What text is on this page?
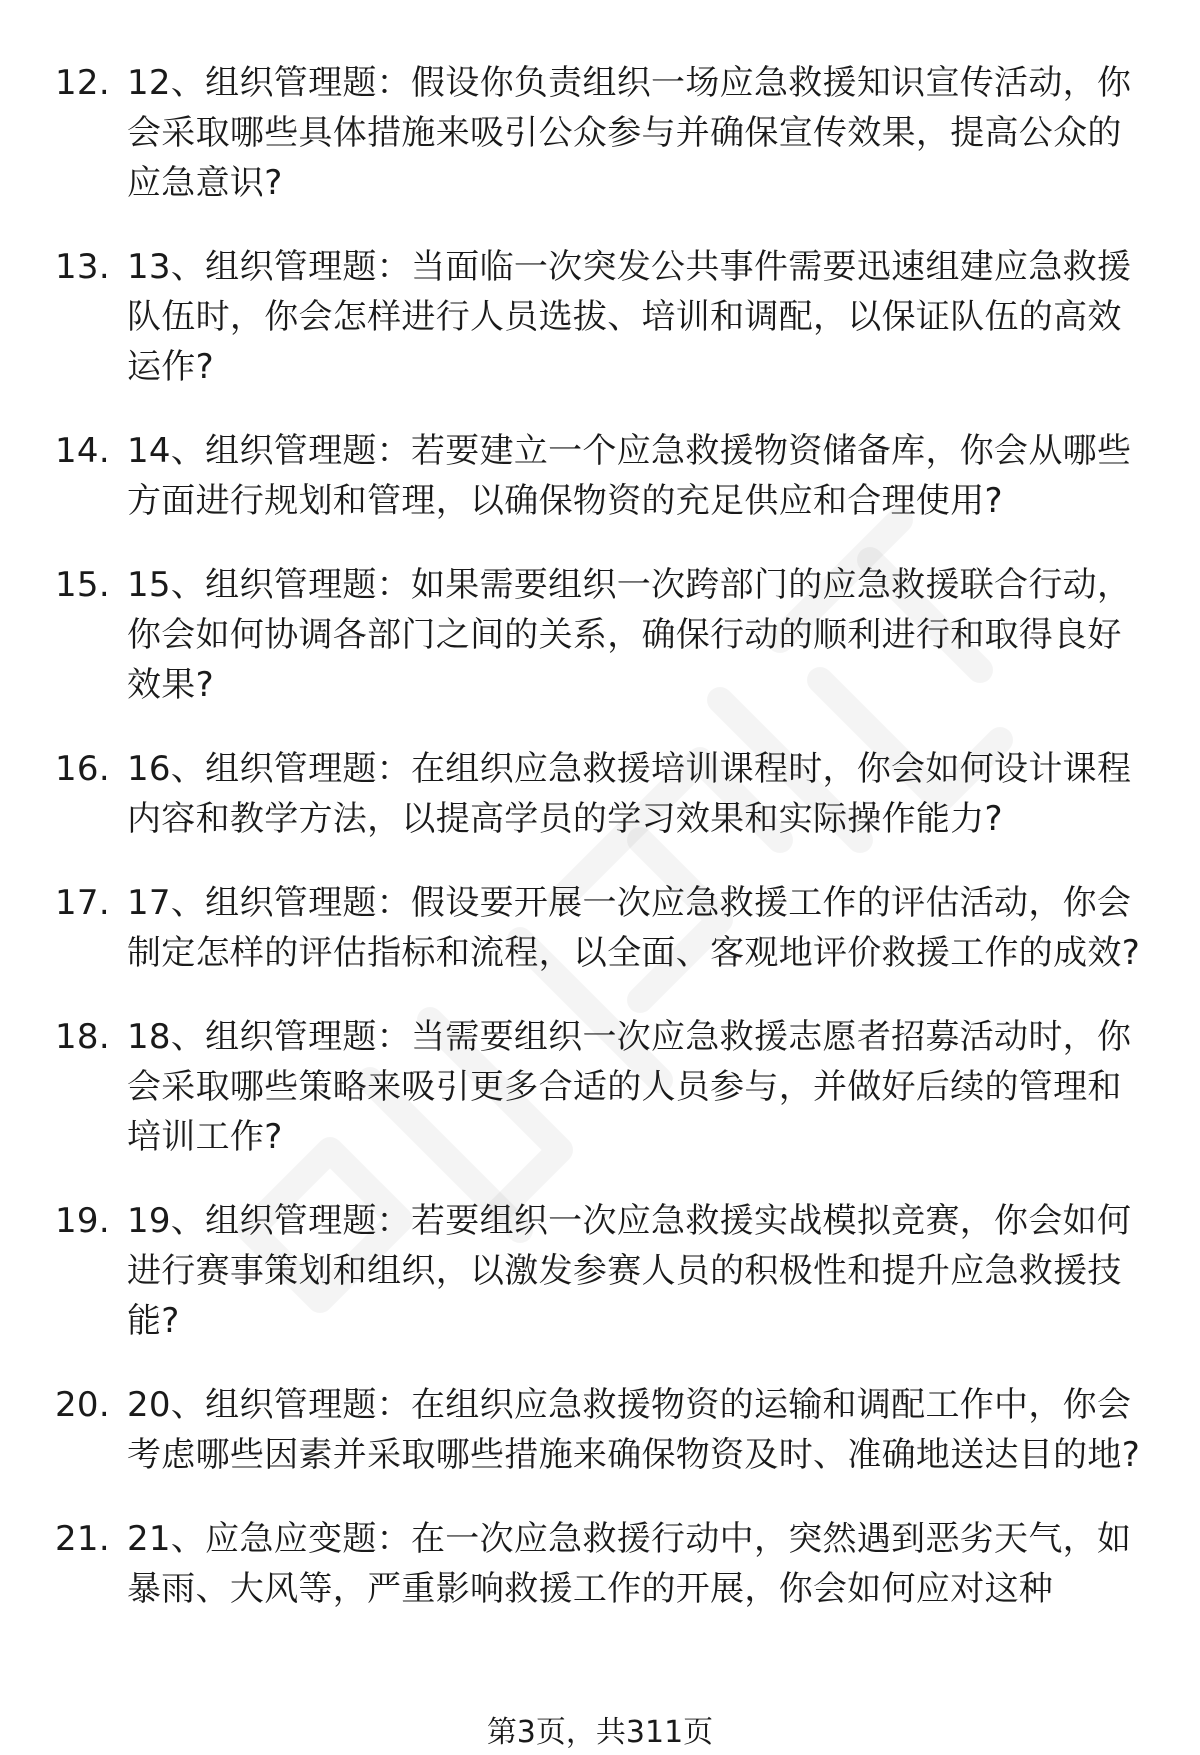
12. 12、组织管理题：假设你负责组织一场应急救援知识宣传活动，你会采取哪些具体措施来吸引公众参与并确保宣传效果，提高公众的应急意识?
13. 13、组织管理题：当面临一次突发公共事件需要迅速组建应急救援队伍时，你会怎样进行人员选拔、培训和调配，以保证队伍的高效运作?
14. 14、组织管理题：若要建立一个应急救援物资储备库，你会从哪些方面进行规划和管理，以确保物资的充足供应和合理使用?
15. 15、组织管理题：如果需要组织一次跨部门的应急救援联合行动，你会如何协调各部门之间的关系，确保行动的顺利进行和取得良好效果?
16. 16、组织管理题：在组织应急救援培训课程时，你会如何设计课程内容和教学方法，以提高学员的学习效果和实际操作能力?
17. 17、组织管理题：假设要开展一次应急救援工作的评估活动，你会制定怎样的评估指标和流程，以全面、客观地评价救援工作的成效?
18. 18、组织管理题：当需要组织一次应急救援志愿者招募活动时，你会采取哪些策略来吸引更多合适的人员参与，并做好后续的管理和培训工作?
19. 19、组织管理题：若要组织一次应急救援实战模拟竞赛，你会如何进行赛事策划和组织，以激发参赛人员的积极性和提升应急救援技能?
20. 20、组织管理题：在组织应急救援物资的运输和调配工作中，你会考虑哪些因素并采取哪些措施来确保物资及时、准确地送达目的地?
21. 21、应急应变题：在一次应急救援行动中，突然遇到恶劣天气，如暴雨、大风等，严重影响救援工作的开展，你会如何应对这种
第3页，共311页
